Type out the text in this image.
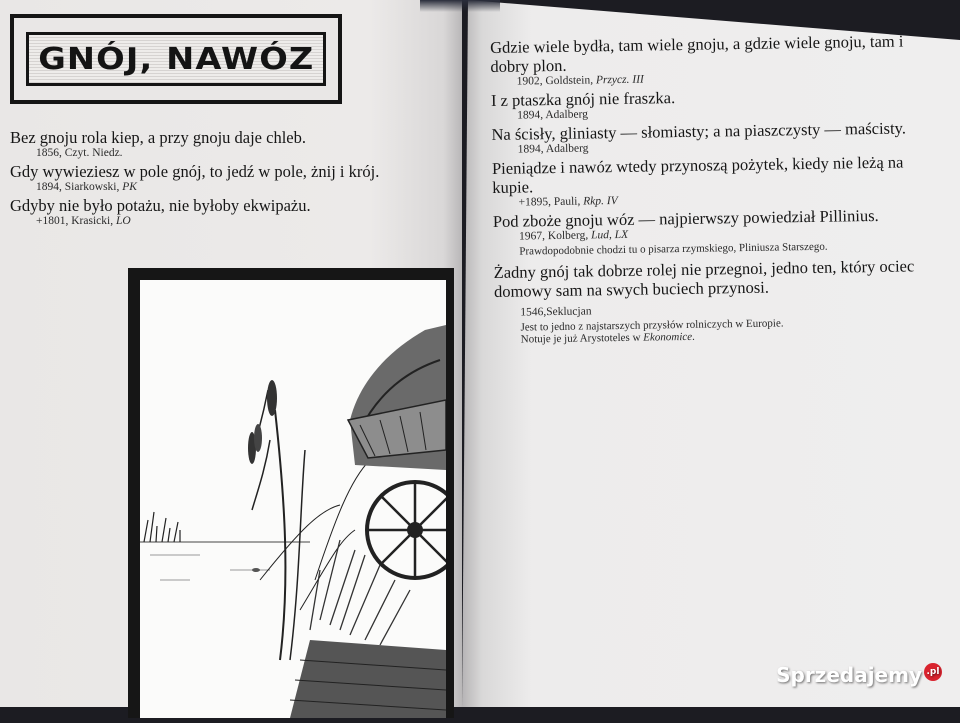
GNÓJ, NAWÓZ

Bez gnoju rola kiep, a przy gnoju daje chleb.

1856, Czyt. Niedz.

Gdy wywieziesz w pole gnój, to jedź w pole, żnij i krój.

1894, Siarkowski, PK

Gdyby nie było potażu, nie byłoby ekwipażu.

+1801, Krasicki, LO

Gdzie wiele bydła, tam wiele gnoju, a gdzie wiele gnoju, tam i dobry plon.

1902, Goldstein, Przycz. III

I z ptaszka gnój nie fraszka.

1894, Adalberg

Na ścisły, gliniasty — słomiasty; a na piaszczysty — maścisty.

1894, Adalberg

Pieniądze i nawóz wtedy przynoszą pożytek, kiedy nie leżą na kupie.

+1895, Pauli, Rkp. IV

Pod zboże gnoju wóz — najpierwszy powiedział Pillinius.

1967, Kolberg, Lud, LX

Prawdopodobnie chodzi tu o pisarza rzymskiego, Pliniusza Starszego.

Żadny gnój tak dobrze rolej nie przegnoi, jedno ten, który ociec domowy sam na swych buciech przynosi.

1546,Seklucjan

Jest to jedno z najstarszych przysłów rolniczych w Europie.

Notuje je już Arystoteles w Ekonomice.

Sprzedajemy .pl
